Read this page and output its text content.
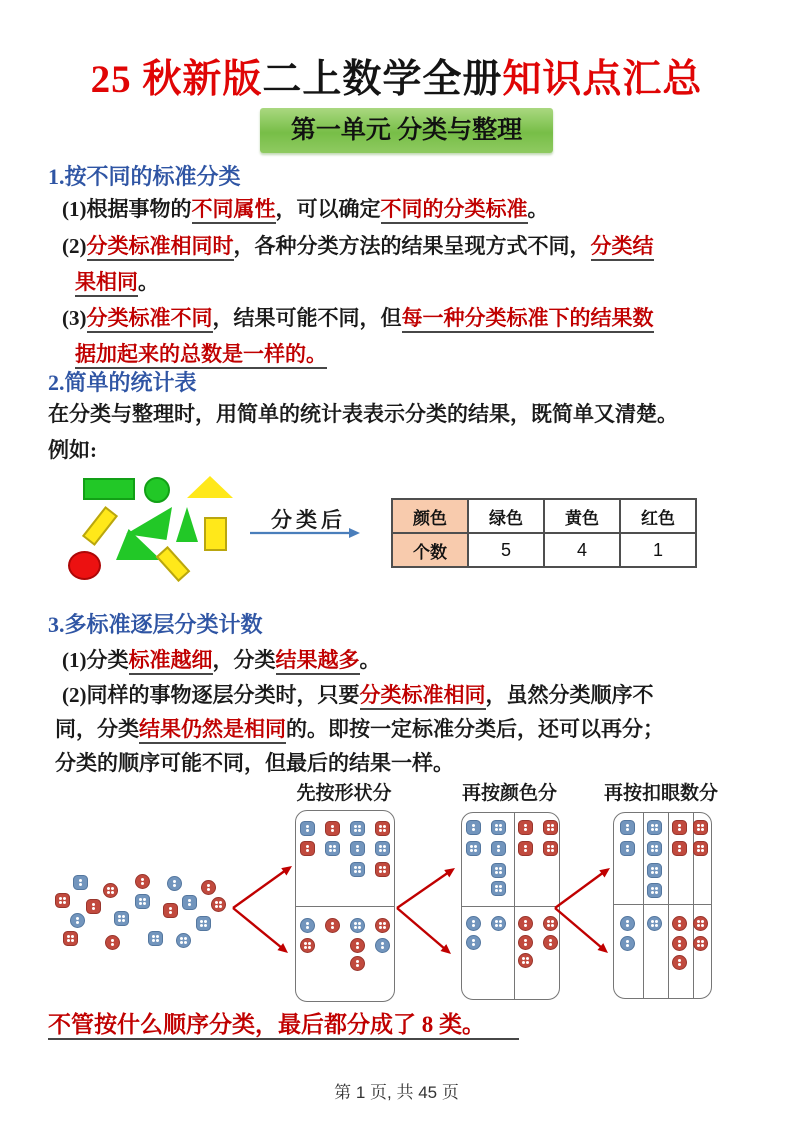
25 秋新版二上数学全册知识点汇总
第一单元 分类与整理
1.按不同的标准分类
(1)根据事物的不同属性，可以确定不同的分类标准。
(2)分类标准相同时，各种分类方法的结果呈现方式不同，分类结
果相同。
(3)分类标准不同，结果可能不同，但每一种分类标准下的结果数
据加起来的总数是一样的。
2.简单的统计表
在分类与整理时，用简单的统计表表示分类的结果，既简单又清楚。
例如:
分类后	颜色	绿色	黄色	红色
个数	5	4	1
3.多标准逐层分类计数
(1)分类标准越细，分类结果越多。
(2)同样的事物逐层分类时，只要分类标准相同，虽然分类顺序不
同，分类结果仍然是相同的。即按一定标准分类后，还可以再分；
分类的顺序可能不同，但最后的结果一样。
先按形状分	再按颜色分	再按扣眼数分
不管按什么顺序分类，最后都分成了 8 类。
第 1 页, 共 45 页
